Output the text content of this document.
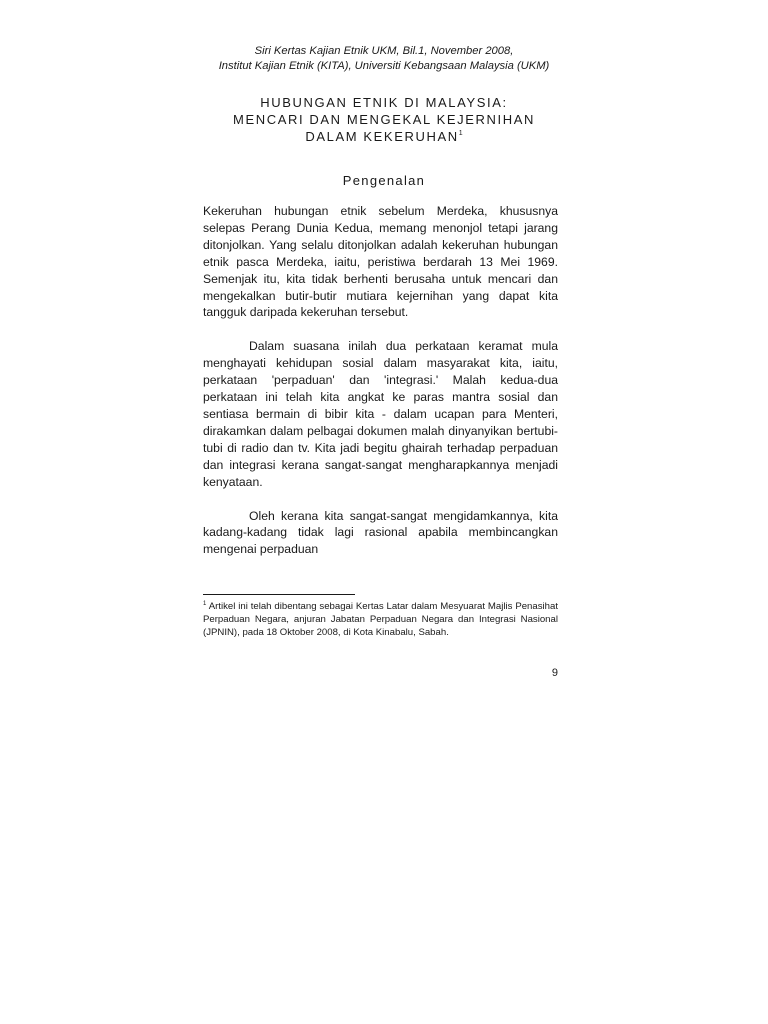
Siri Kertas Kajian Etnik UKM, Bil.1, November 2008,
Institut Kajian Etnik (KITA), Universiti Kebangsaan Malaysia (UKM)
HUBUNGAN ETNIK DI MALAYSIA:
MENCARI DAN MENGEKAL KEJERNIHAN
DALAM KEKERUHAN$^1$
Pengenalan

Kekeruhan hubungan etnik sebelum Merdeka, khususnya selepas Perang Dunia Kedua, memang menonjol tetapi jarang ditonjolkan. Yang selalu ditonjolkan adalah kekeruhan hubungan etnik pasca Merdeka, iaitu, peristiwa berdarah 13 Mei 1969. Semenjak itu, kita tidak berhenti berusaha untuk mencari dan mengekalkan butir-butir mutiara kejernihan yang dapat kita tangguk daripada kekeruhan tersebut.

Dalam suasana inilah dua perkataan keramat mula menghayati kehidupan sosial dalam masyarakat kita, iaitu, perkataan 'perpaduan' dan 'integrasi.' Malah kedua-dua perkataan ini telah kita angkat ke paras mantra sosial dan sentiasa bermain di bibir kita - dalam ucapan para Menteri, dirakamkan dalam pelbagai dokumen malah dinyanyikan bertubi-tubi di radio dan tv. Kita jadi begitu ghairah terhadap perpaduan dan integrasi kerana sangat-sangat mengharapkannya menjadi kenyataan.

Oleh kerana kita sangat-sangat mengidamkannya, kita kadang-kadang tidak lagi rasional apabila membincangkan mengenai perpaduan

$^1$ Artikel ini telah dibentang sebagai Kertas Latar dalam Mesyuarat Majlis Penasihat Perpaduan Negara, anjuran Jabatan Perpaduan Negara dan Integrasi Nasional (JPNIN), pada 18 Oktober 2008, di Kota Kinabalu, Sabah.
9
